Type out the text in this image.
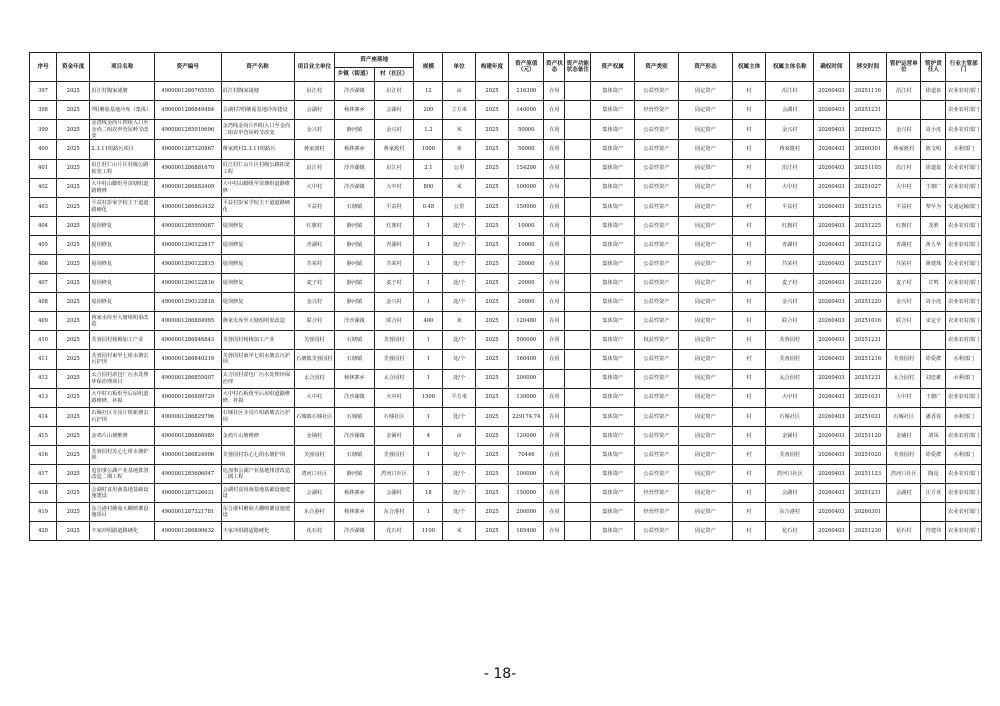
序号	资金年度	项目名称	资产编号	资产名称	项目业主单位	资产座落地		规模	单位	构建年度	资产原值（元）	资产状态	资产功能状态备注	资产权属	资产类别	资产形态	权属主体	权属主体名称	确权时间	移交时间	管护运营单位	管护责任人	行业主管部门
						乡镇（街道）	村（社区）																
397	2025	沿江村陶家垅塘	4900001286765595	沿江村陶家垅塘	沿江村	洋沙湖镇	沿江村	12	亩	2025	216300	在用		集体资产	公益性资产	固定资产	村	沿江村	20260403	20251116	沿江村	徐道泉	农业农村部门
398	2025	?组蘑菇基地冷库（集体）	4900001286849484	会湖村?组蘑菇基地冷库建设	会湖村	杨林寨乡	会湖村	200	立方米	2025	140000	在用		集体资产	经营性资产	固定资产	村	会湖村	20260403	20251231			农业农村部门
399	2025	金湾线金尚片四组入口至金尚二组农申营屋岭节改变	4900001285919696	金湾线金尚片四组入口至金尚二组农申营屋岭节改变	金兴村	静河镇	金兴村	1.2	米	2025	50000	在用		集体资产	公益性资产	固定资产	村	金兴村	20260403	20260215	金兴村	周小虎	农业农村部门
400	2025	2.3.11组路污项目	4900001287320867	蒋家渡村2.3.11组路污	蒋家渡村	杨林寨乡	蒋家渡村	1000	米	2025	50000	在用		集体资产	公益性资产	固定资产	村	蒋家渡村	20260403	20260301	蒋家渡村	陈文明	水利部门
401	2025	沿江村仁山片区村级公路拓宽工程	4900001286881670	沿江村仁山片区村级公路拓宽工程	沿江村	洋沙湖镇	沿江村	2.1	公里	2025	154200	在用		集体资产	公益性资产	固定资产	村	沿江村	20260403	20251103	沿江村	徐道泉	农业农村部门
402	2025	大中村山脚组至苗塘组道路维修	4900001286883409	大中村山脚组至苗塘组道路维修	大中村	洋沙湖镇	大中村	800	米	2025	100000	在用		集体资产	公益性资产	固定资产	村	大中村	20260403	20251027	大中村	王朝广	农业农村部门
403	2025	平益村彭家学校主干道道路硬化	4900001286863432	平益村彭家学校主干道道路硬化	平益村	石塘镇	平益村	0.48	公里	2025	150000	在用		集体资产	公益性资产	固定资产	村	平益村	20260403	20251215	平益村	黎早为	交通运输部门
404	2025	堤坝修复	4900001285959087	堤坝修复	红旗村	静河镇	红旗村	1	处/个	2025	10000	在用		集体资产	公益性资产	固定资产	村	红旗村	20260403	20251225	红旗村	龙胜	农业农村部门
405	2025	堤坝修复	4900001290122817	堤坝修复	青湖村	静河镇	青湖村	1	处/个	2025	10000	在用		集体资产	公益性资产	固定资产	村	青湖村	20260403	20251212	青湖村	黄五华	农业农村部门
406	2025	堤坝修复	4900001290122815	堤坝修复	共荣村	静河镇	共荣村	1	处/个	2025	20000	在用		集体资产	公益性资产	固定资产	村	共荣村	20260403	20251217	共荣村	蒋建珠	农业农村部门
407	2025	堤坝修复	4900001290122816	堤坝修复	麦子村	静河镇	麦子村	1	处/个	2025	20000	在用		集体资产	公益性资产	固定资产	村	麦子村	20260403	20251229	麦子村	甘鸣	农业农村部门
408	2025	堤坝修复	4900001290122818	堤坝修复	金兴村	静河镇	金兴村	1	处/个	2025	20000	在用		集体资产	公益性资产	固定资产	村	金兴村	20260403	20251220	金兴村	周小虎	农业农村部门
409	2025	蒋家水库至大塘组明渠改造	4900001286884995	蒋家水库至大塘组明渠改造	联合村	洋沙湖镇	联合村	400	米	2025	120480	在用		集体资产	公益性资产	固定资产	村	联合村	20260403	20251016	联合村	宋定全	农业农村部门
410	2025	芙蓉园村杨梅加工产业	4900001286846843	芙蓉园村杨梅加工产业	芙蓉园村	石塘镇	芙蓉园村	1	处/个	2025	500000	在用		集体资产	权益性资产	固定资产	村	芙蓉园村	20260403	20251231			农业农村部门
411	2025	芙蓉园村東甲七組水塘去污护坝	4900001286840319	芙蓉园村東甲七組水塘去污护坝	石塘镇芙蓉园村	石塘镇	芙蓉园村	1	处/个	2025	160400	在用		集体资产	公益性资产	固定资产	村	芙蓉园村	20260403	20251216	芙蓉园村	徐爱群	水利部门
412	2025	太合园村淤包厂污水处理环保治理项目	4900001286855007	太合园村淤包厂污水处理环保治理	太合园村	杨林寨乡	太合园村	1	处/个	2025	200000			集体资产	公益性资产	固定资产	村	太合园村	20260403	20251231	太合园村	刘忠雄	水利部门
413	2025	大中村石板组至后屋组道路维修、补损	4900001286889729	大中村石板组至后屋组道路维修、补损	大中村	洋沙湖镇	大中村	1500	平方米	2025	130000	在用		集体资产	公益性资产	固定资产	村	大中村	20260403	20251031	大中村	王朝广	农业农村部门
414	2025	石墟社区寺岗片组新塘去污护坝	4900001286829796	石墟社区寺岗片组新塘去污护坝	石墟镇石墟社区	石墟镇	石墟社区	1	处/个	2025	229174.74	在用		集体资产	公益性资产	固定资产	村	石墟社区	20260403	20251021	石墟社区	潘香春	水利部门
415	2025	金鸡片山塘维修	4900001286866989	金鸡片山塘维修	金铺村	洋沙湖镇	金铺村	4	亩	2025	120000	在用		集体资产	公益性资产	固定资产	村	金铺村	20260403	20251120	金铺村	刘凤	农业农村部门
416	2025	芙蓉园村苏心七组水塘护坝	4900001286824906	芙蓉园村苏心七组水塘护坝	芙蓉园村	石塘镇	芙蓉园村	1	处/个	2025	70446	在用		集体资产	公益性资产	固定资产	村	芙蓉园村	20260403	20251020	芙蓉园村	徐爱群	水利部门
417	2025	追加事公湖产业基地排涝改造二期工程	4900001285606047	追加事公湖产业基地排涝改造二期工程	湾河口社区	静河镇	湾河口社区	1	处/个	2025	100000	在用		集体资产	公益性资产	固定资产	村	湾河口社区	20260403	20251123	湾河口社区	陶昆	农业农村部门
418	2025	会湖村食用菌基地基础设施建设	4900001287326031	会湖村食用菌基地基础设施建设	会湖村	杨林寨乡	会湖村	18	处/个	2025	150000	在用		集体资产	经营性资产	固定资产	村	会湖村	20260403	20251231	会湖村	汪方喜	农业农村部门
419	2025	东合港村蘑菇大棚喷灌设施项目	4900001287321781	东合港村蘑菇大棚喷灌设施建设	东合港村	杨林寨乡	东合港村	1	处/个	2025	200000	在用		集体资产	经营性资产	固定资产	村	东合港村	20260403	20260301			农业农村部门
420	2025	丰家冲组路道路硬化	4900001286890632	丰家冲组路道路硬化	花石村	洋沙湖镇	花石村	1100	米	2025	185400	在用		集体资产	公益性资产	固定资产	村	花石村	20260403	20251230	花石村	符建伟	农业农村部门
- 18-
